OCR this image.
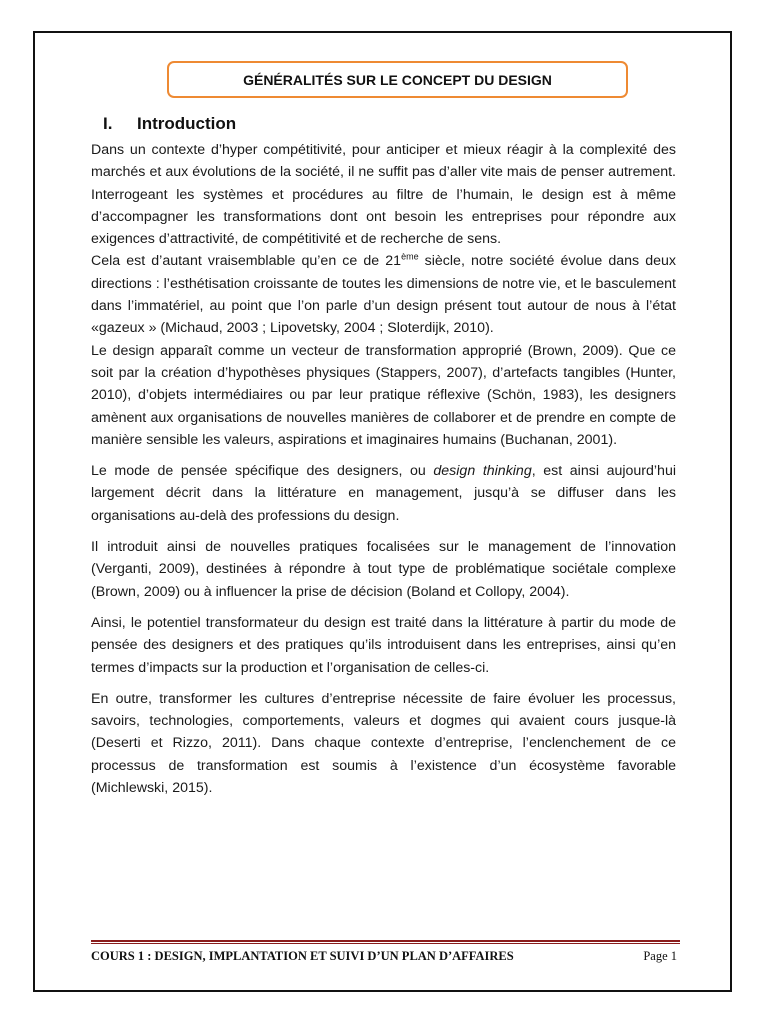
GÉNÉRALITÉS SUR LE CONCEPT DU DESIGN
I. Introduction

Dans un contexte d’hyper compétitivité, pour anticiper et mieux réagir à la complexité des marchés et aux évolutions de la société, il ne suffit pas d’aller vite mais de penser autrement. Interrogeant les systèmes et procédures au filtre de l’humain, le design est à même d’accompagner les transformations dont ont besoin les entreprises pour répondre aux exigences d’attractivité, de compétitivité et de recherche de sens.

Cela est d’autant vraisemblable qu’en ce de 21ème siècle, notre société évolue dans deux directions : l’esthétisation croissante de toutes les dimensions de notre vie, et le basculement dans l’immatériel, au point que l’on parle d’un design présent tout autour de nous à l’état «gazeux » (Michaud, 2003 ; Lipovetsky, 2004 ; Sloterdijk, 2010).

Le design apparaît comme un vecteur de transformation approprié (Brown, 2009). Que ce soit par la création d’hypothèses physiques (Stappers, 2007), d’artefacts tangibles (Hunter, 2010), d’objets intermédiaires ou par leur pratique réflexive (Schön, 1983), les designers amènent aux organisations de nouvelles manières de collaborer et de prendre en compte de manière sensible les valeurs, aspirations et imaginaires humains (Buchanan, 2001).

Le mode de pensée spécifique des designers, ou design thinking, est ainsi aujourd’hui largement décrit dans la littérature en management, jusqu’à se diffuser dans les organisations au-delà des professions du design.

Il introduit ainsi de nouvelles pratiques focalisées sur le management de l’innovation (Verganti, 2009), destinées à répondre à tout type de problématique sociétale complexe (Brown, 2009) ou à influencer la prise de décision (Boland et Collopy, 2004).

Ainsi, le potentiel transformateur du design est traité dans la littérature à partir du mode de pensée des designers et des pratiques qu’ils introduisent dans les entreprises, ainsi qu’en termes d’impacts sur la production et l’organisation de celles-ci.

En outre, transformer les cultures d’entreprise nécessite de faire évoluer les processus, savoirs, technologies, comportements, valeurs et dogmes qui avaient cours jusque-là (Deserti et Rizzo, 2011). Dans chaque contexte d’entreprise, l’enclenchement de ce processus de transformation est soumis à l’existence d’un écosystème favorable (Michlewski, 2015).

COURS 1 : DESIGN, IMPLANTATION ET SUIVI D’UN PLAN D’AFFAIRES	Page 1
